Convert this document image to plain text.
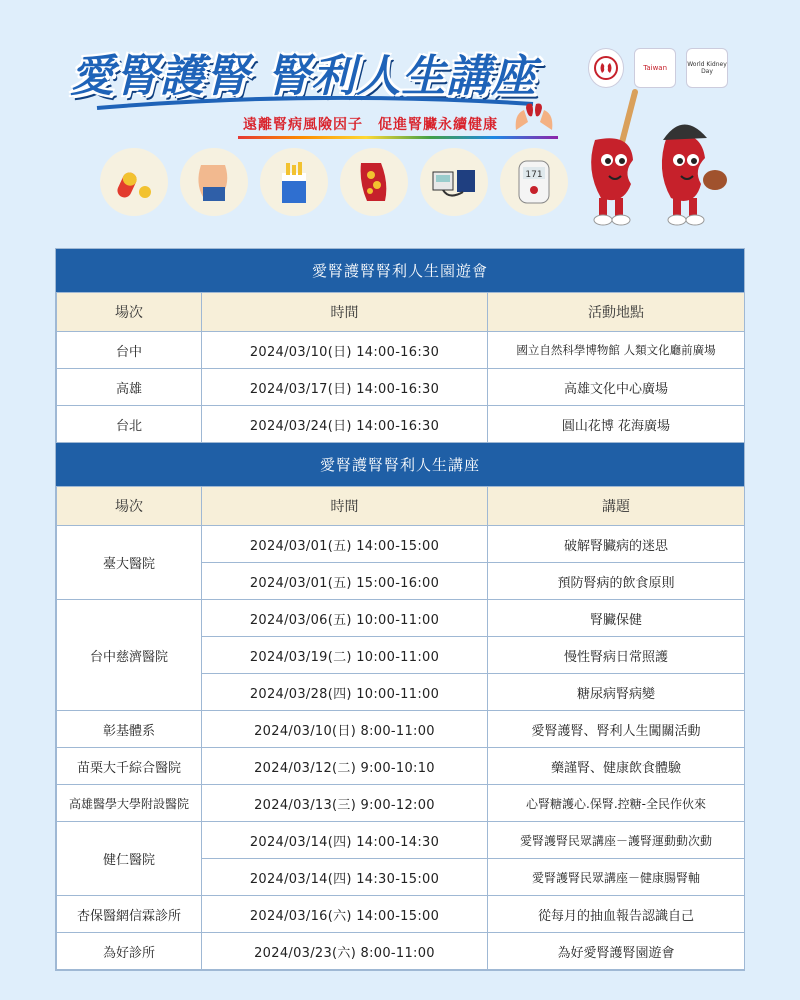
愛腎護腎 腎利人生講座
遠離腎病風險因子　促進腎臟永續健康
Taiwan	World Kidney Day
171
愛腎護腎腎利人生園遊會
場次	時間	活動地點
台中	2024/03/10(日) 14:00-16:30	國立自然科學博物館 人類文化廳前廣場
高雄	2024/03/17(日) 14:00-16:30	高雄文化中心廣場
台北	2024/03/24(日) 14:00-16:30	圓山花博 花海廣場
愛腎護腎腎利人生講座
場次	時間	講題
臺大醫院	2024/03/01(五) 14:00-15:00	破解腎臟病的迷思
	2024/03/01(五) 15:00-16:00	預防腎病的飲食原則
台中慈濟醫院	2024/03/06(五) 10:00-11:00	腎臟保健
	2024/03/19(二) 10:00-11:00	慢性腎病日常照護
	2024/03/28(四) 10:00-11:00	糖尿病腎病變
彰基體系	2024/03/10(日) 8:00-11:00	愛腎護腎、腎利人生闖關活動
苗栗大千綜合醫院	2024/03/12(二) 9:00-10:10	藥謹腎、健康飲食體驗
高雄醫學大學附設醫院	2024/03/13(三) 9:00-12:00	心腎糖護心.保腎.控糖-全民作伙來
健仁醫院	2024/03/14(四) 14:00-14:30	愛腎護腎民眾講座－護腎運動動次動
	2024/03/14(四) 14:30-15:00	愛腎護腎民眾講座－健康腸腎軸
杏保醫網信霖診所	2024/03/16(六) 14:00-15:00	從每月的抽血報告認識自己
為好診所	2024/03/23(六) 8:00-11:00	為好愛腎護腎園遊會
